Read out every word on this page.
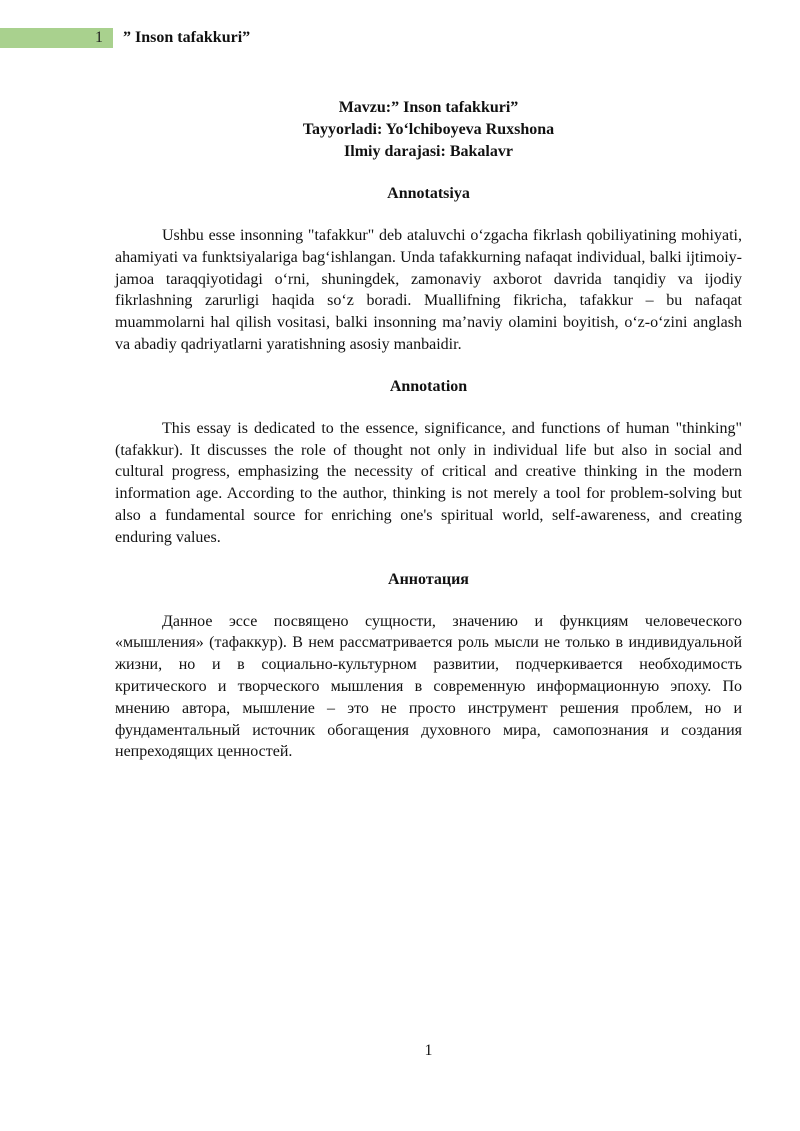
1 ” Inson tafakkuri”
Mavzu:” Inson tafakkuri”
Tayyorladi: Yo‘lchiboyeva Ruxshona
Ilmiy darajasi: Bakalavr
Annotatsiya

Ushbu esse insonning "tafakkur" deb ataluvchi o‘zgacha fikrlash qobiliyatining mohiyati, ahamiyati va funktsiyalariga bag‘ishlangan. Unda tafakkurning nafaqat individual, balki ijtimoiy-jamoa taraqqiyotidagi o‘rni, shuningdek, zamonaviy axborot davrida tanqidiy va ijodiy fikrlashning zarurligi haqida so‘z boradi. Muallifning fikricha, tafakkur – bu nafaqat muammolarni hal qilish vositasi, balki insonning ma’naviy olamini boyitish, o‘z-o‘zini anglash va abadiy qadriyatlarni yaratishning asosiy manbaidir.

Annotation

This essay is dedicated to the essence, significance, and functions of human "thinking" (tafakkur). It discusses the role of thought not only in individual life but also in social and cultural progress, emphasizing the necessity of critical and creative thinking in the modern information age. According to the author, thinking is not merely a tool for problem-solving but also a fundamental source for enriching one's spiritual world, self-awareness, and creating enduring values.

Аннотация

Данное эссе посвящено сущности, значению и функциям человеческого «мышления» (тафаккур). В нем рассматривается роль мысли не только в индивидуальной жизни, но и в социально-культурном развитии, подчеркивается необходимость критического и творческого мышления в современную информационную эпоху. По мнению автора, мышление – это не просто инструмент решения проблем, но и фундаментальный источник обогащения духовного мира, самопознания и создания непреходящих ценностей.

1
